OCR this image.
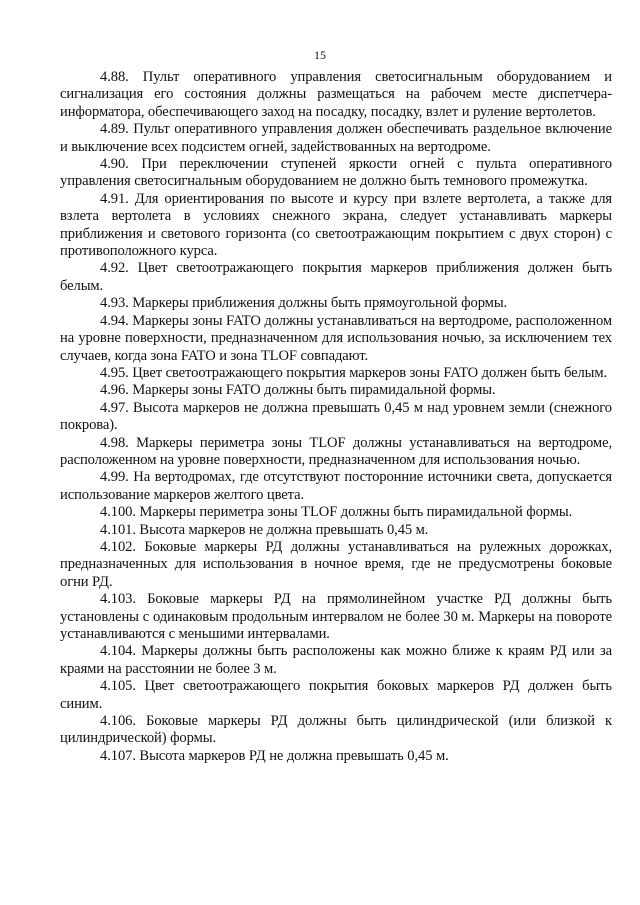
15

4.88. Пульт оперативного управления светосигнальным оборудованием и сигнализация его состояния должны размещаться на рабочем месте диспетчера-информатора, обеспечивающего заход на посадку, посадку, взлет и руление вертолетов.

4.89. Пульт оперативного управления должен обеспечивать раздельное включение и выключение всех подсистем огней, задействованных на вертодроме.

4.90. При переключении ступеней яркости огней с пульта оперативного управления светосигнальным оборудованием не должно быть темнового промежутка.

4.91. Для ориентирования по высоте и курсу при взлете вертолета, а также для взлета вертолета в условиях снежного экрана, следует устанавливать маркеры приближения и светового горизонта (со светоотражающим покрытием с двух сторон) с противоположного курса.

4.92. Цвет светоотражающего покрытия маркеров приближения должен быть белым.

4.93. Маркеры приближения должны быть прямоугольной формы.

4.94. Маркеры зоны FATO должны устанавливаться на вертодроме, расположенном на уровне поверхности, предназначенном для использования ночью, за исключением тех случаев, когда зона FATO и зона TLOF совпадают.

4.95. Цвет светоотражающего покрытия маркеров зоны FATO должен быть белым.

4.96. Маркеры зоны FATO должны быть пирамидальной формы.

4.97. Высота маркеров не должна превышать 0,45 м над уровнем земли (снежного покрова).

4.98. Маркеры периметра зоны TLOF должны устанавливаться на вертодроме, расположенном на уровне поверхности, предназначенном для использования ночью.

4.99. На вертодромах, где отсутствуют посторонние источники света, допускается использование маркеров желтого цвета.

4.100. Маркеры периметра зоны TLOF должны быть пирамидальной формы.

4.101. Высота маркеров не должна превышать 0,45 м.

4.102. Боковые маркеры РД должны устанавливаться на рулежных дорожках, предназначенных для использования в ночное время, где не предусмотрены боковые огни РД.

4.103. Боковые маркеры РД на прямолинейном участке РД должны быть установлены с одинаковым продольным интервалом не более 30 м. Маркеры на повороте устанавливаются с меньшими интервалами.

4.104. Маркеры должны быть расположены как можно ближе к краям РД или за краями на расстоянии не более 3 м.

4.105. Цвет светоотражающего покрытия боковых маркеров РД должен быть синим.

4.106. Боковые маркеры РД должны быть цилиндрической (или близкой к цилиндрической) формы.

4.107. Высота маркеров РД не должна превышать 0,45 м.
